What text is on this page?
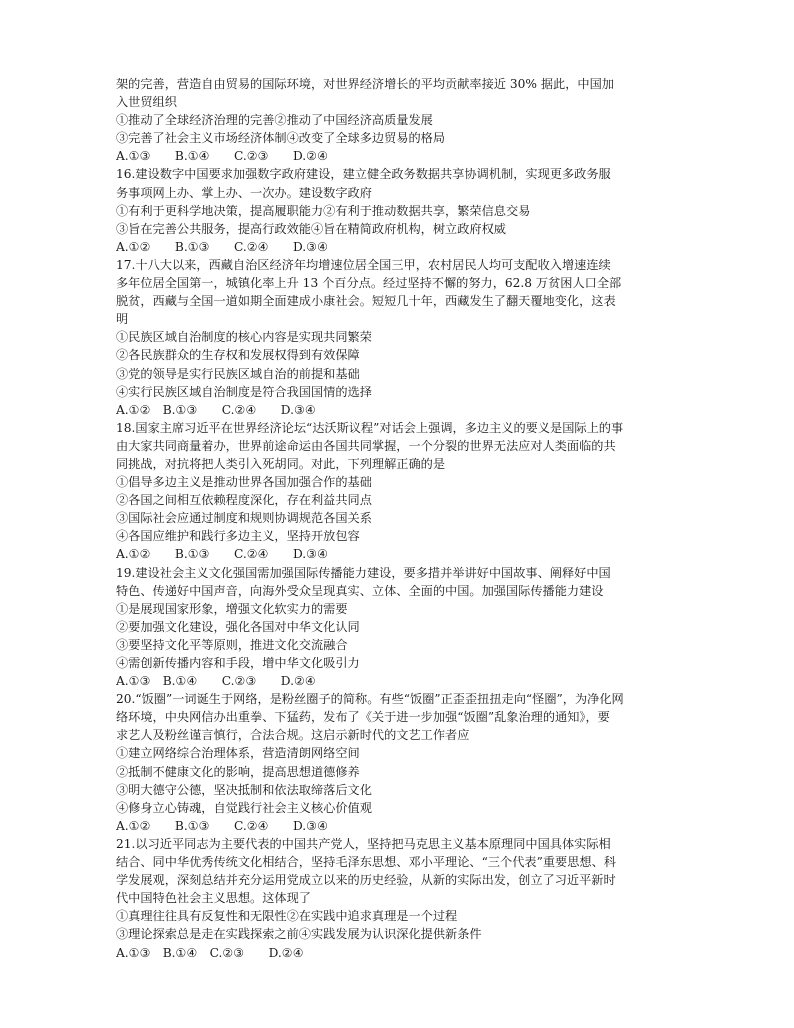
架的完善，营造自由贸易的国际环境，对世界经济增长的平均贡献率接近 30% 据此，中国加
入世贸组织
①推动了全球经济治理的完善②推动了中国经济高质量发展
③完善了社会主义市场经济体制④改变了全球多边贸易的格局
A.①③　　B.①④　　C.②③　　D.②④
16.建设数字中国要求加强数字政府建设，建立健全政务数据共享协调机制，实现更多政务服
务事项网上办、掌上办、一次办。建设数字政府
①有利于更科学地决策，提高履职能力②有利于推动数据共享，繁荣信息交易
③旨在完善公共服务，提高行政效能④旨在精简政府机构，树立政府权威
A.①②　　B.①③　　C.②④　　D.③④
17.十八大以来，西藏自治区经济年均增速位居全国三甲，农村居民人均可支配收入增速连续
多年位居全国第一，城镇化率上升 13 个百分点。经过坚持不懈的努力，62.8 万贫困人口全部
脱贫，西藏与全国一道如期全面建成小康社会。短短几十年，西藏发生了翻天覆地变化，这表
明
①民族区域自治制度的核心内容是实现共同繁荣
②各民族群众的生存权和发展权得到有效保障
③党的领导是实行民族区域自治的前提和基础
④实行民族区域自治制度是符合我国国情的选择
A.①②　B.①③　　C.②④　　D.③④
18.国家主席习近平在世界经济论坛“达沃斯议程”对话会上强调，多边主义的要义是国际上的事
由大家共同商量着办，世界前途命运由各国共同掌握，一个分裂的世界无法应对人类面临的共
同挑战，对抗将把人类引入死胡同。对此，下列理解正确的是
①倡导多边主义是推动世界各国加强合作的基础
②各国之间相互依赖程度深化，存在利益共同点
③国际社会应通过制度和规则协调规范各国关系
④各国应维护和践行多边主义，坚持开放包容
A.①②　　B.①③　　C.②④　　D.③④
19.建设社会主义文化强国需加强国际传播能力建设，要多措并举讲好中国故事、阐释好中国
特色、传递好中国声音，向海外受众呈现真实、立体、全面的中国。加强国际传播能力建设
①是展现国家形象，增强文化软实力的需要
②要加强文化建设，强化各国对中华文化认同
③要坚持文化平等原则，推进文化交流融合
④需创新传播内容和手段，增中华文化吸引力
A.①③　B.①④　　C.②③　　D.②④
20.“饭圈”一词诞生于网络，是粉丝圈子的简称。有些“饭圈”正歪歪扭扭走向“怪圈”，为净化网
络环境，中央网信办出重拳、下猛药，发布了《关于进一步加强“饭圈”乱象治理的通知》，要
求艺人及粉丝谨言慎行，合法合规。这启示新时代的文艺工作者应
①建立网络综合治理体系，营造清朗网络空间
②抵制不健康文化的影响，提高思想道德修养
③明大德守公德，坚决抵制和依法取缔落后文化
④修身立心铸魂，自觉践行社会主义核心价值观
A.①②　　B.①③　　C.②④　　D.③④
21.以习近平同志为主要代表的中国共产党人，坚持把马克思主义基本原理同中国具体实际相
结合、同中华优秀传统文化相结合，坚持毛泽东思想、邓小平理论、“三个代表”重要思想、科
学发展观，深刻总结并充分运用党成立以来的历史经验，从新的实际出发，创立了习近平新时
代中国特色社会主义思想。这体现了
①真理往往具有反复性和无限性②在实践中追求真理是一个过程
③理论探索总是走在实践探索之前④实践发展为认识深化提供新条件
A.①③　B.①④　C.②③　　D.②④
